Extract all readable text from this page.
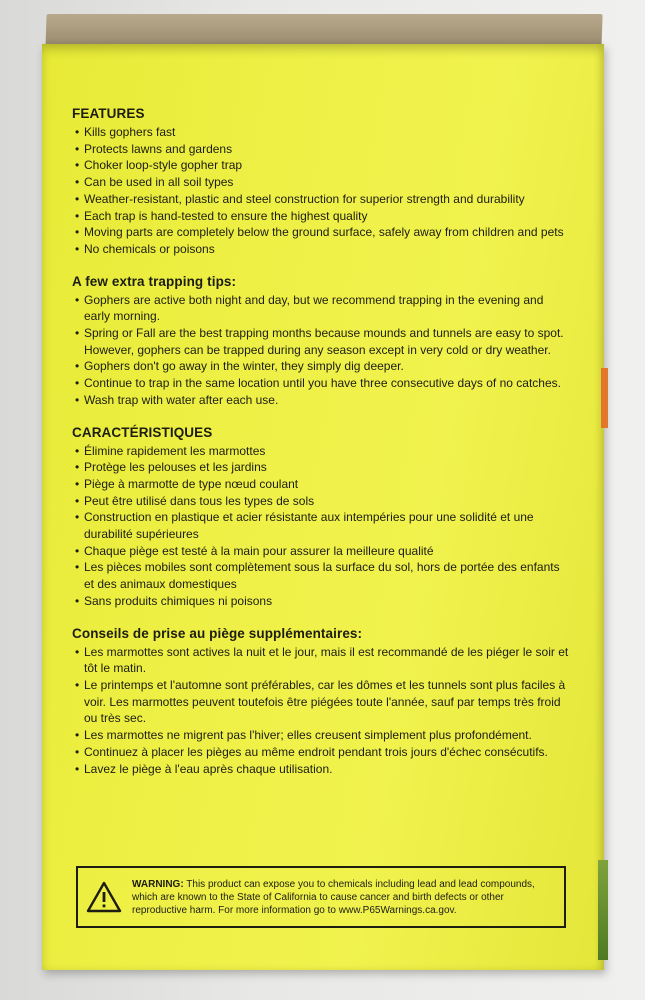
FEATURES
• Kills gophers fast
• Protects lawns and gardens
• Choker loop-style gopher trap
• Can be used in all soil types
• Weather-resistant, plastic and steel construction for superior strength and durability
• Each trap is hand-tested to ensure the highest quality
• Moving parts are completely below the ground surface, safely away from children and pets
• No chemicals or poisons
A few extra trapping tips:
• Gophers are active both night and day, but we recommend trapping in the evening and early morning.
• Spring or Fall are the best trapping months because mounds and tunnels are easy to spot. However, gophers can be trapped during any season except in very cold or dry weather.
• Gophers don't go away in the winter, they simply dig deeper.
• Continue to trap in the same location until you have three consecutive days of no catches.
• Wash trap with water after each use.
CARACTÉRISTIQUES
• Élimine rapidement les marmottes
• Protège les pelouses et les jardins
• Piège à marmotte de type nœud coulant
• Peut être utilisé dans tous les types de sols
• Construction en plastique et acier résistante aux intempéries pour une solidité et une durabilité supérieures
• Chaque piège est testé à la main pour assurer la meilleure qualité
• Les pièces mobiles sont complètement sous la surface du sol, hors de portée des enfants et des animaux domestiques
• Sans produits chimiques ni poisons
Conseils de prise au piège supplémentaires:
• Les marmottes sont actives la nuit et le jour, mais il est recommandé de les piéger le soir et tôt le matin.
• Le printemps et l'automne sont préférables, car les dômes et les tunnels sont plus faciles à voir. Les marmottes peuvent toutefois être piégées toute l'année, sauf par temps très froid ou très sec.
• Les marmottes ne migrent pas l'hiver; elles creusent simplement plus profondément.
• Continuez à placer les pièges au même endroit pendant trois jours d'échec consécutifs.
• Lavez le piège à l'eau après chaque utilisation.
WARNING: This product can expose you to chemicals including lead and lead compounds, which are known to the State of California to cause cancer and birth defects or other reproductive harm. For more information go to www.P65Warnings.ca.gov.
